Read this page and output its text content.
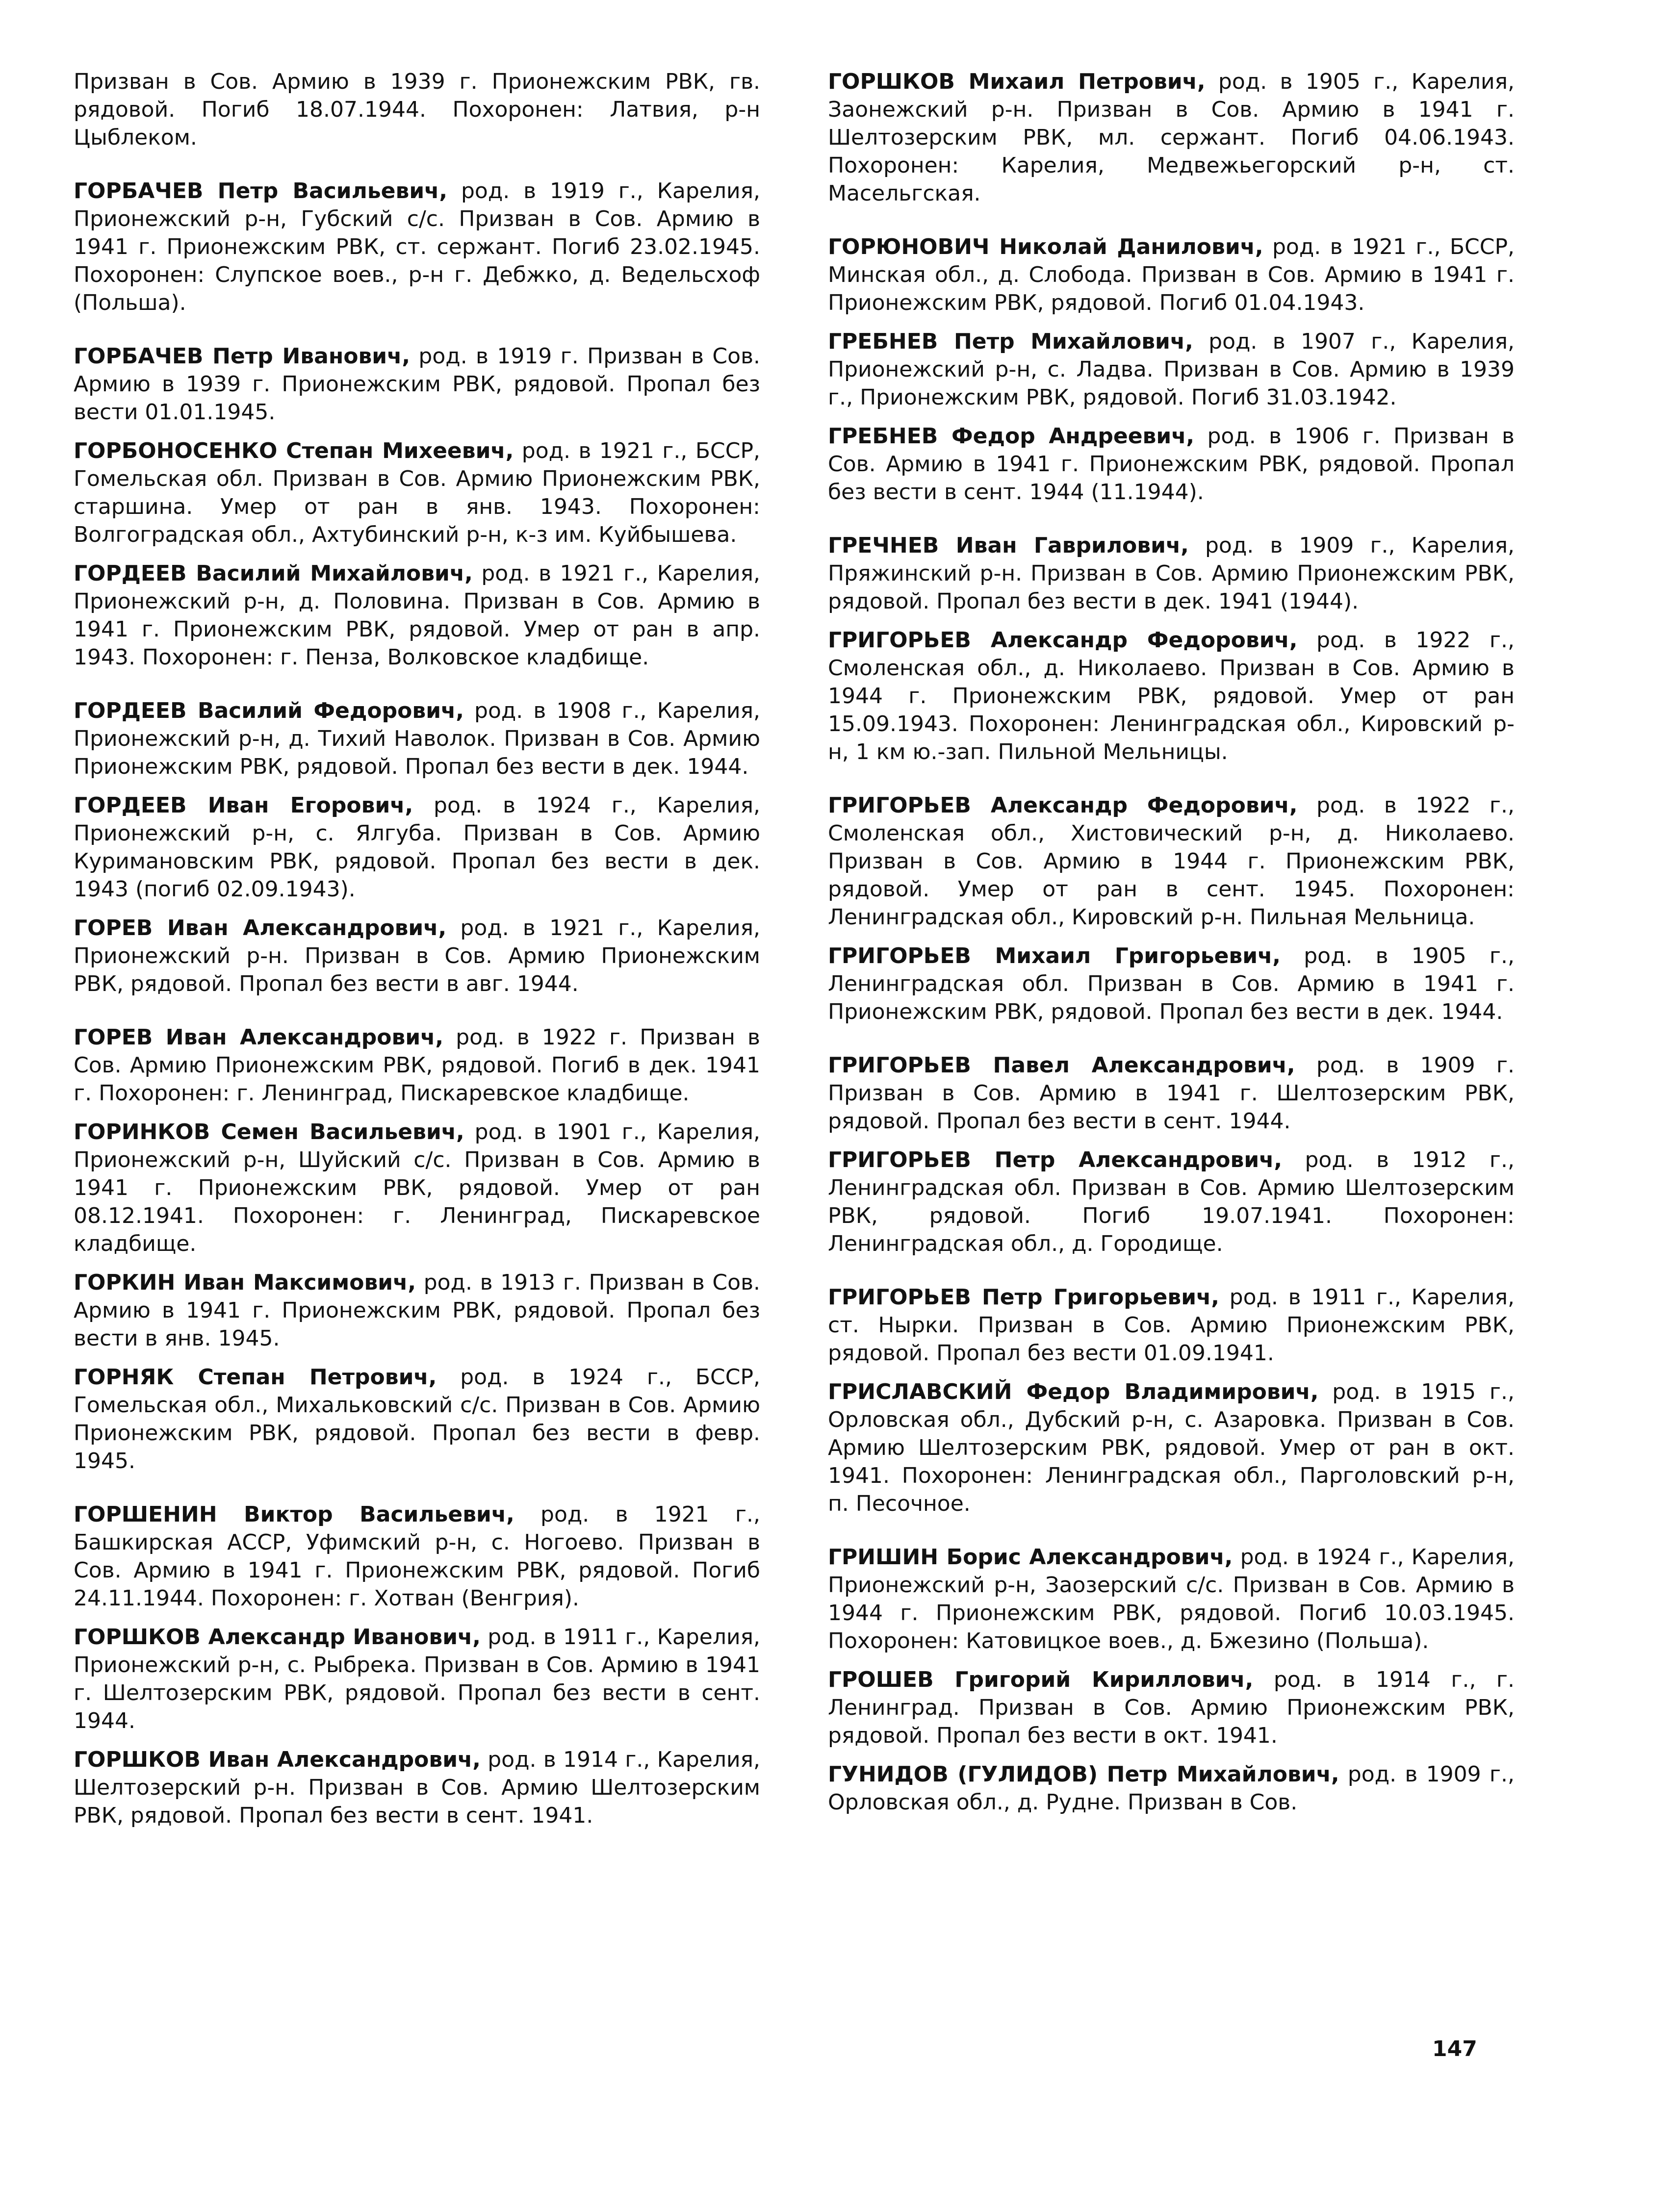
Призван в Сов. Армию в 1939 г. Прионежским РВК, гв. рядовой. Погиб 18.07.1944. Похоронен: Латвия, р-н Цыблеком.

ГОРБАЧЕВ Петр Васильевич, род. в 1919 г., Карелия, Прионежский р-н, Губский с/с. Призван в Сов. Армию в 1941 г. Прионежским РВК, ст. сержант. Погиб 23.02.1945. Похоронен: Слупское воев., р-н г. Дебжко, д. Ведельсхоф (Польша).

ГОРБАЧЕВ Петр Иванович, род. в 1919 г. Призван в Сов. Армию в 1939 г. Прионежским РВК, рядовой. Пропал без вести 01.01.1945.

ГОРБОНОСЕНКО Степан Михеевич, род. в 1921 г., БССР, Гомельская обл. Призван в Сов. Армию Прионежским РВК, старшина. Умер от ран в янв. 1943. Похоронен: Волгоградская обл., Ахтубинский р-н, к-з им. Куйбышева.

ГОРДЕЕВ Василий Михайлович, род. в 1921 г., Карелия, Прионежский р-н, д. Половина. Призван в Сов. Армию в 1941 г. Прионежским РВК, рядовой. Умер от ран в апр. 1943. Похоронен: г. Пенза, Волковское кладбище.

ГОРДЕЕВ Василий Федорович, род. в 1908 г., Карелия, Прионежский р-н, д. Тихий Наволок. Призван в Сов. Армию Прионежским РВК, рядовой. Пропал без вести в дек. 1944.

ГОРДЕЕВ Иван Егорович, род. в 1924 г., Карелия, Прионежский р-н, с. Ялгуба. Призван в Сов. Армию Куримановским РВК, рядовой. Пропал без вести в дек. 1943 (погиб 02.09.1943).

ГОРЕВ Иван Александрович, род. в 1921 г., Карелия, Прионежский р-н. Призван в Сов. Армию Прионежским РВК, рядовой. Пропал без вести в авг. 1944.

ГОРЕВ Иван Александрович, род. в 1922 г. Призван в Сов. Армию Прионежским РВК, рядовой. Погиб в дек. 1941 г. Похоронен: г. Ленинград, Пискаревское кладбище.

ГОРИНКОВ Семен Васильевич, род. в 1901 г., Карелия, Прионежский р-н, Шуйский с/с. Призван в Сов. Армию в 1941 г. Прионежским РВК, рядовой. Умер от ран 08.12.1941. Похоронен: г. Ленинград, Пискаревское кладбище.

ГОРКИН Иван Максимович, род. в 1913 г. Призван в Сов. Армию в 1941 г. Прионежским РВК, рядовой. Пропал без вести в янв. 1945.

ГОРНЯК Степан Петрович, род. в 1924 г., БССР, Гомельская обл., Михальковский с/с. Призван в Сов. Армию Прионежским РВК, рядовой. Пропал без вести в февр. 1945.

ГОРШЕНИН Виктор Васильевич, род. в 1921 г., Башкирская АССР, Уфимский р-н, с. Ногоево. Призван в Сов. Армию в 1941 г. Прионежским РВК, рядовой. Погиб 24.11.1944. Похоронен: г. Хотван (Венгрия).

ГОРШКОВ Александр Иванович, род. в 1911 г., Карелия, Прионежский р-н, с. Рыбрека. Призван в Сов. Армию в 1941 г. Шелтозерским РВК, рядовой. Пропал без вести в сент. 1944.

ГОРШКОВ Иван Александрович, род. в 1914 г., Карелия, Шелтозерский р-н. Призван в Сов. Армию Шелтозерским РВК, рядовой. Пропал без вести в сент. 1941.

ГОРШКОВ Михаил Петрович, род. в 1905 г., Карелия, Заонежский р-н. Призван в Сов. Армию в 1941 г. Шелтозерским РВК, мл. сержант. Погиб 04.06.1943. Похоронен: Карелия, Медвежьегорский р-н, ст. Масельгская.

ГОРЮНОВИЧ Николай Данилович, род. в 1921 г., БССР, Минская обл., д. Слобода. Призван в Сов. Армию в 1941 г. Прионежским РВК, рядовой. Погиб 01.04.1943.

ГРЕБНЕВ Петр Михайлович, род. в 1907 г., Карелия, Прионежский р-н, с. Ладва. Призван в Сов. Армию в 1939 г., Прионежским РВК, рядовой. Погиб 31.03.1942.

ГРЕБНЕВ Федор Андреевич, род. в 1906 г. Призван в Сов. Армию в 1941 г. Прионежским РВК, рядовой. Пропал без вести в сент. 1944 (11.1944).

ГРЕЧНЕВ Иван Гаврилович, род. в 1909 г., Карелия, Пряжинский р-н. Призван в Сов. Армию Прионежским РВК, рядовой. Пропал без вести в дек. 1941 (1944).

ГРИГОРЬЕВ Александр Федорович, род. в 1922 г., Смоленская обл., д. Николаево. Призван в Сов. Армию в 1944 г. Прионежским РВК, рядовой. Умер от ран 15.09.1943. Похоронен: Ленинградская обл., Кировский р-н, 1 км ю.-зап. Пильной Мельницы.

ГРИГОРЬЕВ Александр Федорович, род. в 1922 г., Смоленская обл., Хистовический р-н, д. Николаево. Призван в Сов. Армию в 1944 г. Прионежским РВК, рядовой. Умер от ран в сент. 1945. Похоронен: Ленинградская обл., Кировский р-н. Пильная Мельница.

ГРИГОРЬЕВ Михаил Григорьевич, род. в 1905 г., Ленинградская обл. Призван в Сов. Армию в 1941 г. Прионежским РВК, рядовой. Пропал без вести в дек. 1944.

ГРИГОРЬЕВ Павел Александрович, род. в 1909 г. Призван в Сов. Армию в 1941 г. Шелтозерским РВК, рядовой. Пропал без вести в сент. 1944.

ГРИГОРЬЕВ Петр Александрович, род. в 1912 г., Ленинградская обл. Призван в Сов. Армию Шелтозерским РВК, рядовой. Погиб 19.07.1941. Похоронен: Ленинградская обл., д. Городище.

ГРИГОРЬЕВ Петр Григорьевич, род. в 1911 г., Карелия, ст. Нырки. Призван в Сов. Армию Прионежским РВК, рядовой. Пропал без вести 01.09.1941.

ГРИСЛАВСКИЙ Федор Владимирович, род. в 1915 г., Орловская обл., Дубский р-н, с. Азаровка. Призван в Сов. Армию Шелтозерским РВК, рядовой. Умер от ран в окт. 1941. Похоронен: Ленинградская обл., Парголовский р-н, п. Песочное.

ГРИШИН Борис Александрович, род. в 1924 г., Карелия, Прионежский р-н, Заозерский с/с. Призван в Сов. Армию в 1944 г. Прионежским РВК, рядовой. Погиб 10.03.1945. Похоронен: Катовицкое воев., д. Бжезино (Польша).

ГРОШЕВ Григорий Кириллович, род. в 1914 г., г. Ленинград. Призван в Сов. Армию Прионежским РВК, рядовой. Пропал без вести в окт. 1941.

ГУНИДОВ (ГУЛИДОВ) Петр Михайлович, род. в 1909 г., Орловская обл., д. Рудне. Призван в Сов.

147
